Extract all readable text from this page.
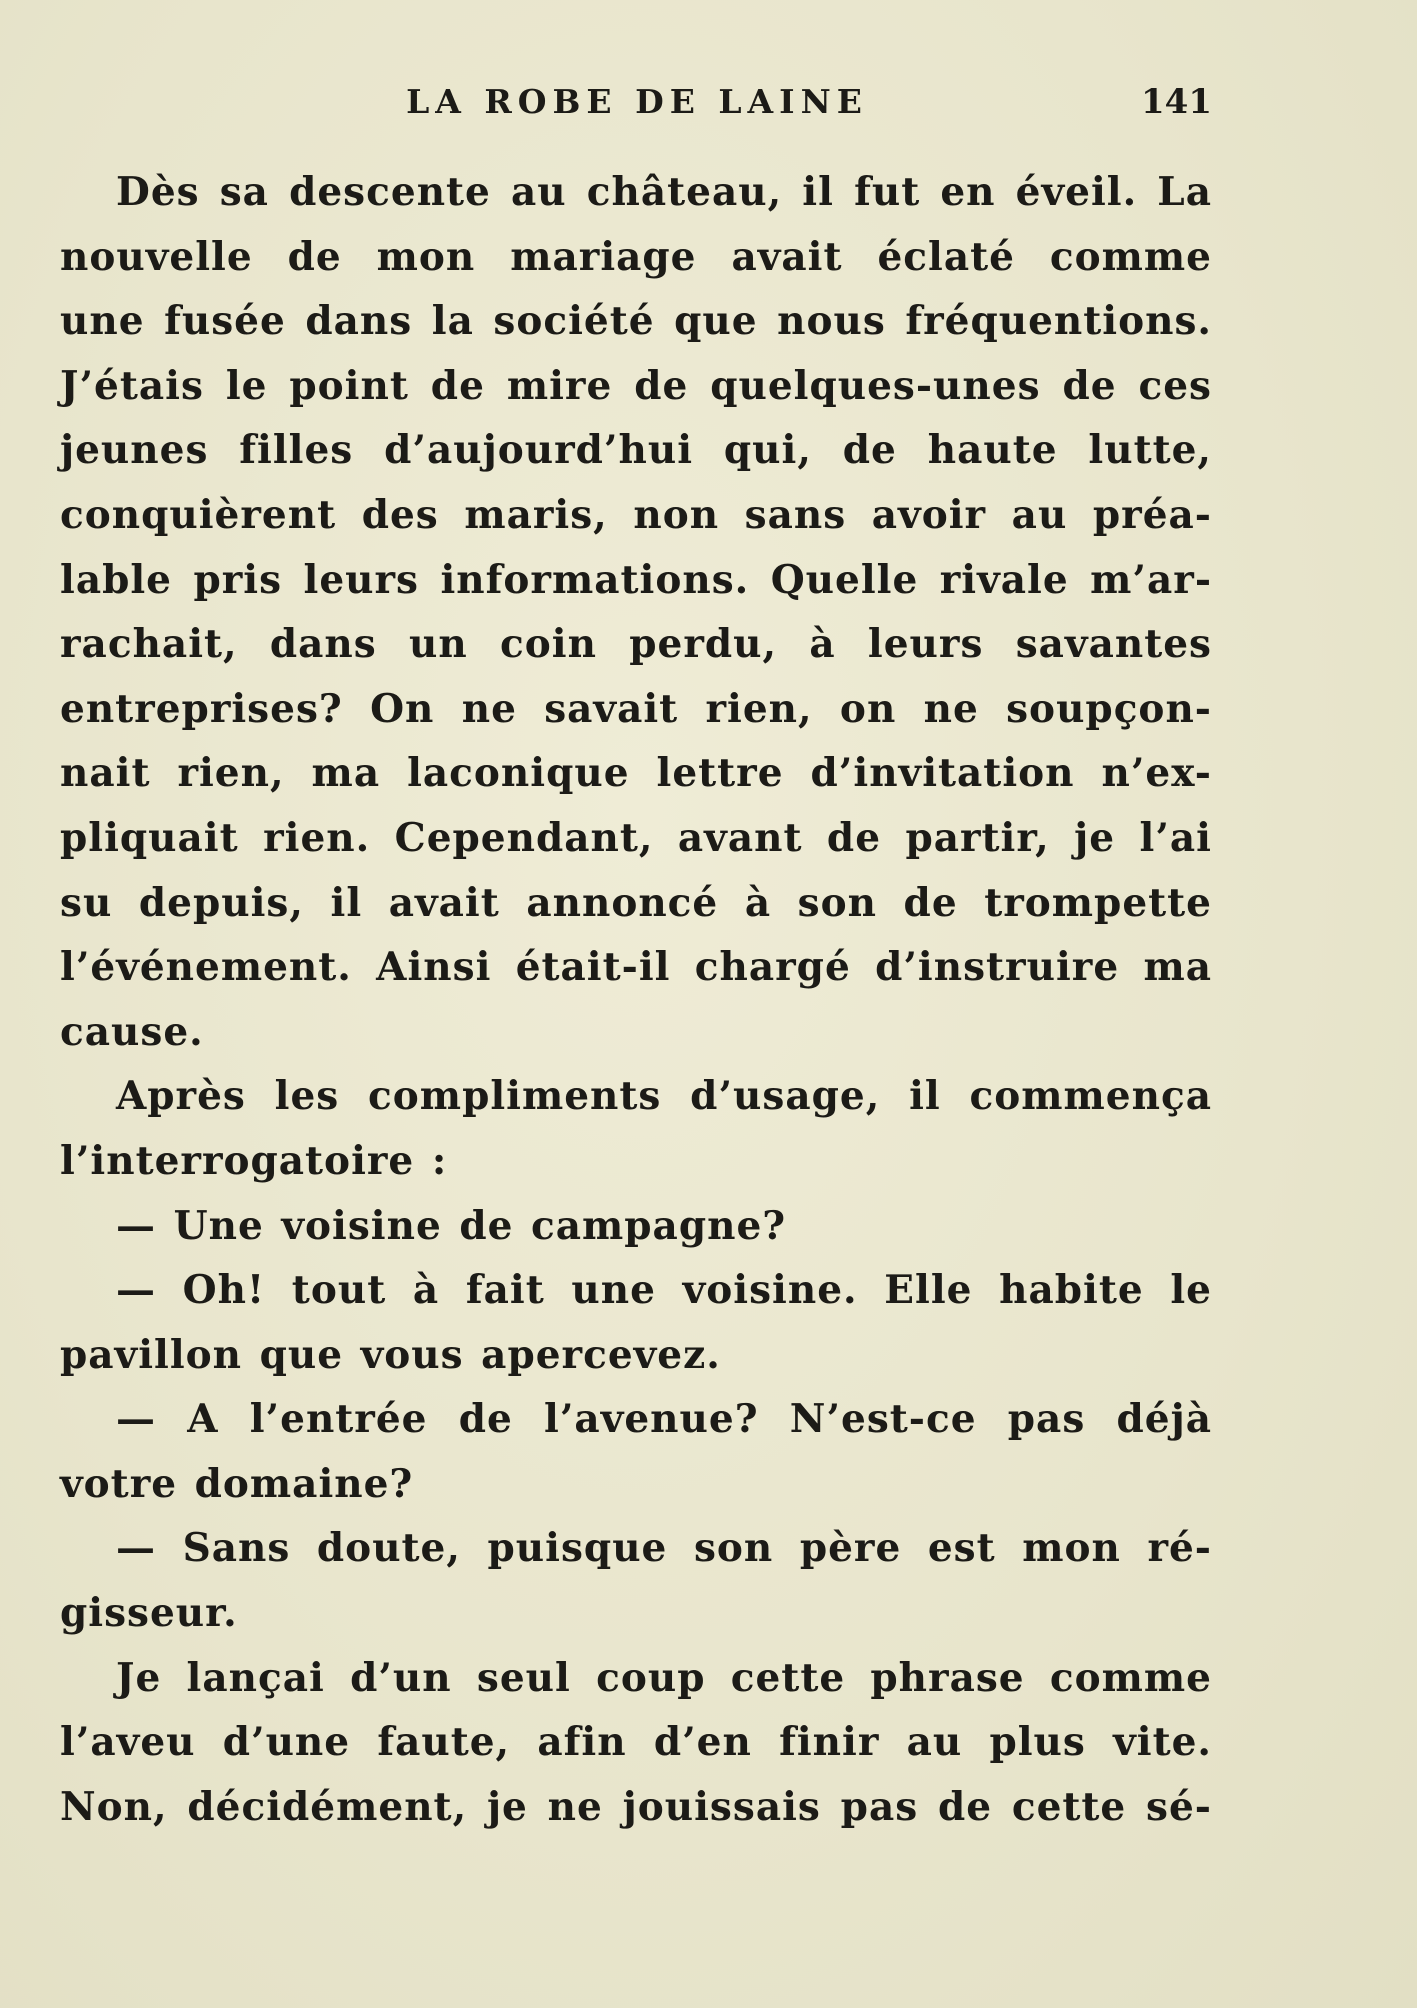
LA ROBE DE LAINE	141
Dès sa descente au château, il fut en éveil. La
nouvelle de mon mariage avait éclaté comme
une fusée dans la société que nous fréquentions.
J’étais le point de mire de quelques-unes de ces
jeunes filles d’aujourd’hui qui, de haute lutte,
conquièrent des maris, non sans avoir au préa-
lable pris leurs informations. Quelle rivale m’ar-
rachait, dans un coin perdu, à leurs savantes
entreprises? On ne savait rien, on ne soupçon-
nait rien, ma laconique lettre d’invitation n’ex-
pliquait rien. Cependant, avant de partir, je l’ai
su depuis, il avait annoncé à son de trompette
l’événement. Ainsi était-il chargé d’instruire ma
cause.
Après les compliments d’usage, il commença
l’interrogatoire :
— Une voisine de campagne?
— Oh! tout à fait une voisine. Elle habite le
pavillon que vous apercevez.
— A l’entrée de l’avenue? N’est-ce pas déjà
votre domaine?
— Sans doute, puisque son père est mon ré-
gisseur.
Je lançai d’un seul coup cette phrase comme
l’aveu d’une faute, afin d’en finir au plus vite.
Non, décidément, je ne jouissais pas de cette sé-
